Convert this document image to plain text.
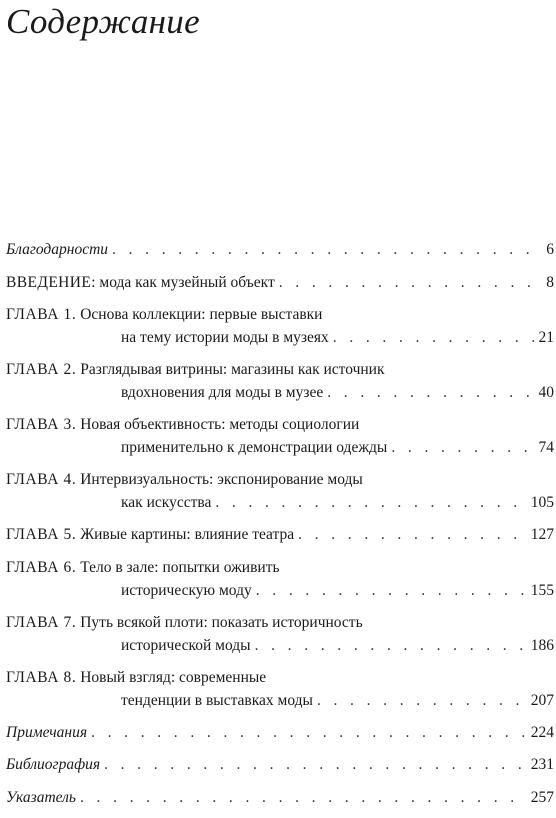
Содержание
Благодарности . . .	6
ВВЕДЕНИЕ: мода как музейный объект . . .	8
ГЛАВА 1. Основа коллекции: первые выставки
на тему истории моды в музеях . . .	21
ГЛАВА 2. Разглядывая витрины: магазины как источник
вдохновения для моды в музее . . .	40
ГЛАВА 3. Новая объективность: методы социологии
применительно к демонстрации одежды . . .	74
ГЛАВА 4. Интервизуальность: экспонирование моды
как искусства . . .	105
ГЛАВА 5. Живые картины: влияние театра . . .	127
ГЛАВА 6. Тело в зале: попытки оживить
историческую моду . . .	155
ГЛАВА 7. Путь всякой плоти: показать историчность
исторической моды . . .	186
ГЛАВА 8. Новый взгляд: современные
тенденции в выставках моды . . .	207
Примечания . . .	224
Библиография . . .	231
Указатель . . .	257
